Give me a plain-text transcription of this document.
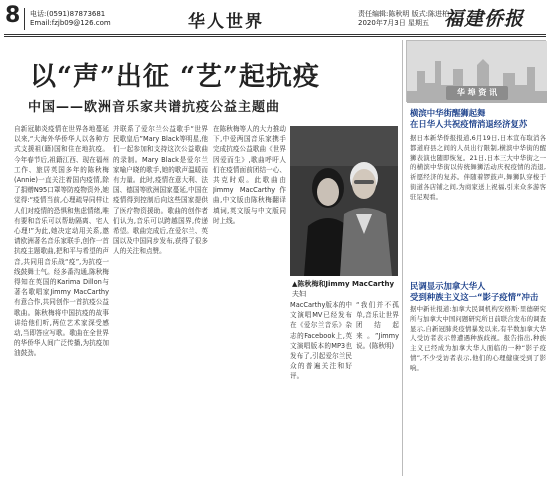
8 电话:(0591)87873681
Email:fzjb09@126.com	华人世界	责任编辑:陈秋明 版式:陈进柏
2020年7月3日 星期五 福建侨报
以“声”出征 “艺”起抗疫
中国——欧洲音乐家共谱抗疫公益主题曲
自新冠肺炎疫情在世界各地蔓延以来,“大海外华侨华人以各种方式支援祖(籍)国和住在地抗疫。今年春节后,祖籍江西、现在福州工作、旅居英国多年的陈秋梅(Annie)一直关注着国内疫情,除了捐赠N95口罩等防疫物资外,她觉得:“疫情当前,心理疏导同样让人们对疫情的恐惧和焦虑情绪,唯有要和音乐可以帮助隔离、宅人心理!”为此,她决定动用关系,邀请欧洲著名音乐家联手,创作一首抗疫主题歌曲,把和平与希望的声音,共同用音乐战“疫”,为抗疫一线鼓舞士气。经多番沟通,陈秋梅得知在英国的Karima Dillon与著名歌唱家Jimmy MacCarthy有意合作,共同创作一首抗疫公益歌曲。陈秋梅将中国抗疫的故事讲给他们听,两位艺术家深受感动,当即答应写歌。歌曲在全世界的华侨华人间广泛传播,为抗疫加油鼓劲。
并联系了爱尔兰公益歌手“世界民歌皇后”Mary Black等明星,他们一起参加和支持这次公益歌曲的录制。Mary Black是爱尔兰家喻户晓的歌手,她的歌声温暖而有力量。此时,疫情在意大利、法国、德国等欧洲国家蔓延,中国在疫情得到控制后向这些国家提供了医疗物资援助。歌曲的创作者们认为,音乐可以跨越国界,传递希望。歌曲完成后,在爱尔兰、英国以及中国同步发布,获得了很多人的关注和点赞。
在陈秋梅等人的大力推动下,中爱两国音乐家携手完成抗疫公益歌曲《世界因爱而生》,歌曲呼吁人们在疫情面前团结一心、共克时艰。此歌曲由Jimmy MacCarthy作曲,中文版由陈秋梅翻译填词,英文版与中文版同时上线。
▲陈秋梅和Jimmy MacCarthy
夫妇
MacCarthy版本的中文演唱MV已经发布在《爱尔兰音乐》杂志的Facebook上,英文演唱版本的MP3也发布了,引起爱尔兰民众的普遍关注和好评。
“我们并不孤单,音乐让世界团结起来。”Jimmy说。(陈秋明)
华 埠 资 讯
横滨中华街醒狮起舞
在日华人共祝疫情消退经济复苏
据日本新华侨报报道,6月19日,日本宣布取消各都道府县之间的人员出行限制,横滨中华街的醒狮表演也随即恢复。21日,日本三大中华街之一的横滨中华街以传统舞狮活动庆祝疫情的消退,祈愿经济的复苏。伴随着锣鼓声,舞狮队穿梭于街道各店铺之间,为商家送上祝福,引来众多游客驻足观看。
民调显示加拿大华人
受到种族主义这一“影子疫情”冲击
据中新社报道:加拿大民调机构安格斯·里德研究所与加拿大中国问题研究所日前联合发布的调查显示,自新冠肺炎疫情暴发以来,有半数加拿大华人受访者表示曾遭遇种族歧视。报告指出,种族主义已经成为加拿大华人面临的一种“影子疫情”,不少受访者表示,他们的心理健康受到了影响。
